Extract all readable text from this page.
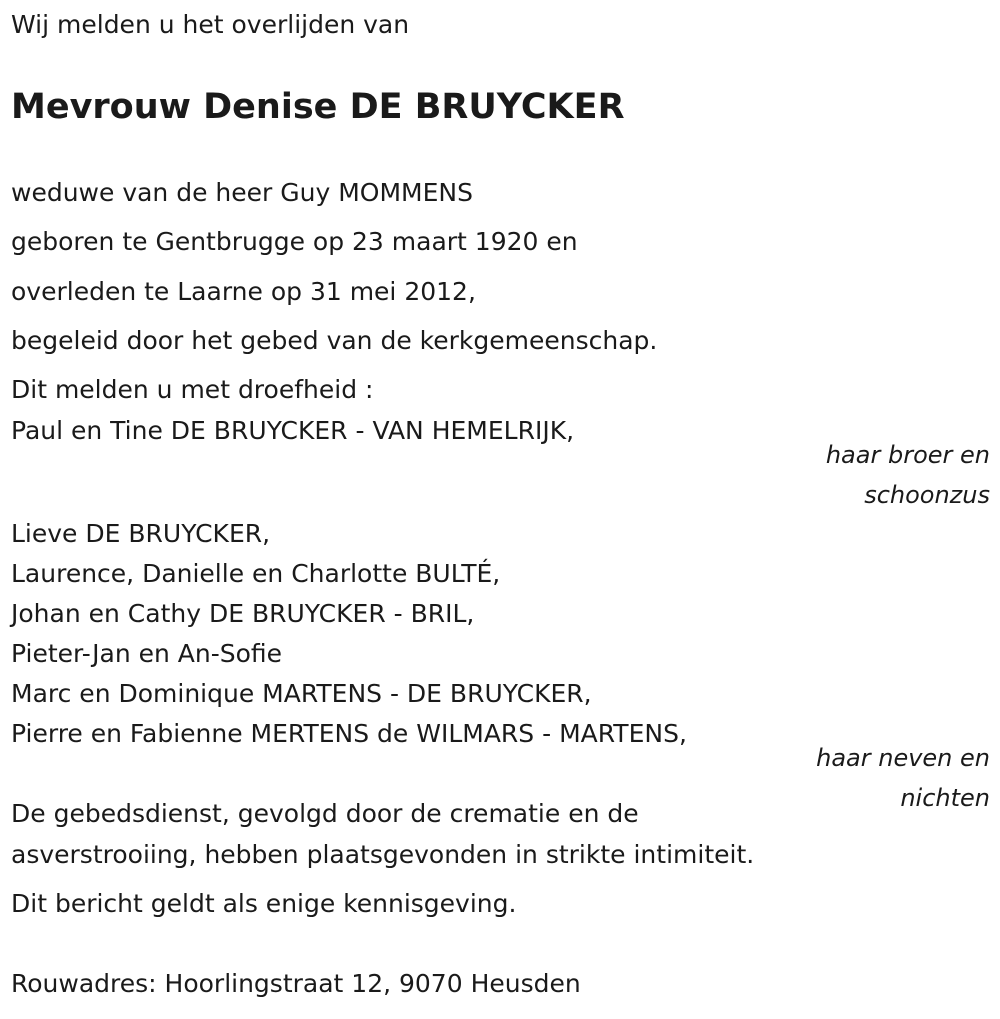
Wij melden u het overlijden van

Mevrouw Denise DE BRUYCKER

weduwe van de heer Guy MOMMENS

geboren te Gentbrugge op 23 maart 1920 en

overleden te Laarne op 31 mei 2012,

begeleid door het gebed van de kerkgemeenschap.

Dit melden u met droefheid :

Paul en Tine DE BRUYCKER - VAN HEMELRIJK,

haar broer en
schoonzus

Lieve DE BRUYCKER,

Laurence, Danielle en Charlotte BULTÉ,

Johan en Cathy DE BRUYCKER - BRIL,

Pieter-Jan en An-Sofie

Marc en Dominique MARTENS - DE BRUYCKER,

Pierre en Fabienne MERTENS de WILMARS - MARTENS,

haar neven en
nichten

De gebedsdienst, gevolgd door de crematie en de

asverstrooiing, hebben plaatsgevonden in strikte intimiteit.

Dit bericht geldt als enige kennisgeving.

Rouwadres: Hoorlingstraat 12, 9070 Heusden
